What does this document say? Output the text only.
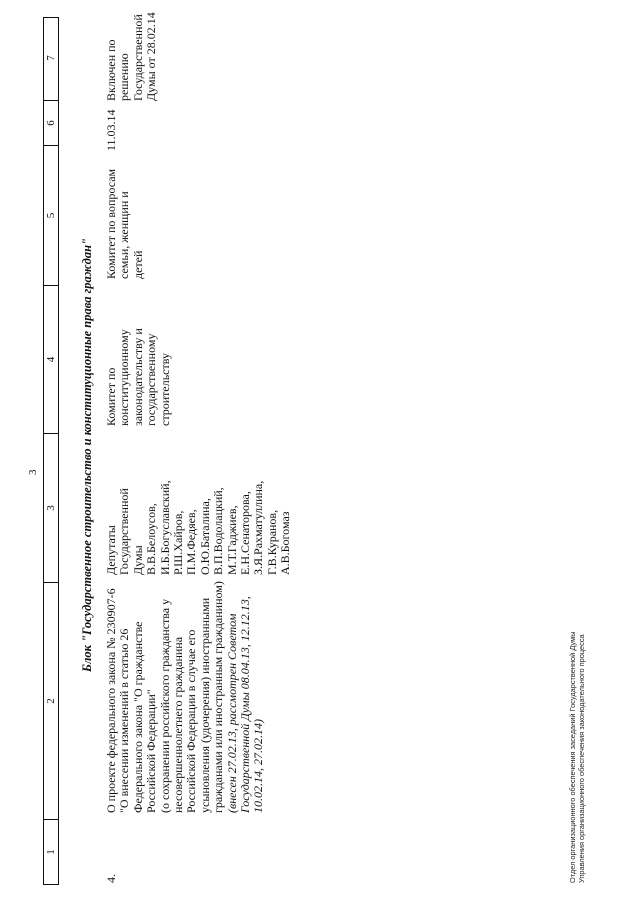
3
1
2
3
4
5
6
7
Блок "Государственное строительство и конституционные права граждан"
4.
О проекте федерального закона № 230907-6 "О внесении изменений в статью 26 Федерального закона "О гражданстве Российской Федерации" (о сохранении российского гражданства у несовершеннолетнего гражданина Российской Федерации в случае его усыновления (удочерения) иностранными гражданами или иностранным гражданином) (внесен 27.02.13, рассмотрен Советом Государственной Думы 08.04.13, 12.12.13, 10.02.14, 27.02.14)
Депутаты Государственной Думы В.В.Белоусов, И.Б.Богуславский, Р.Ш.Хайров, П.М.Федяев, О.Ю.Баталина, В.П.Водолацкий, М.Т.Гаджиев, Е.Н.Сенаторова, З.Я.Рахматуллина, Г.В.Куранов, А.В.Богомаз
Комитет по конституционному законодательству и государственному строительству
Комитет по вопросам семьи, женщин и детей
11.03.14
Включен по решению Государственной Думы от 28.02.14
Отдел организационного обеспечения заседаний Государственной Думы Управления организационного обеспечения законодательного процесса
